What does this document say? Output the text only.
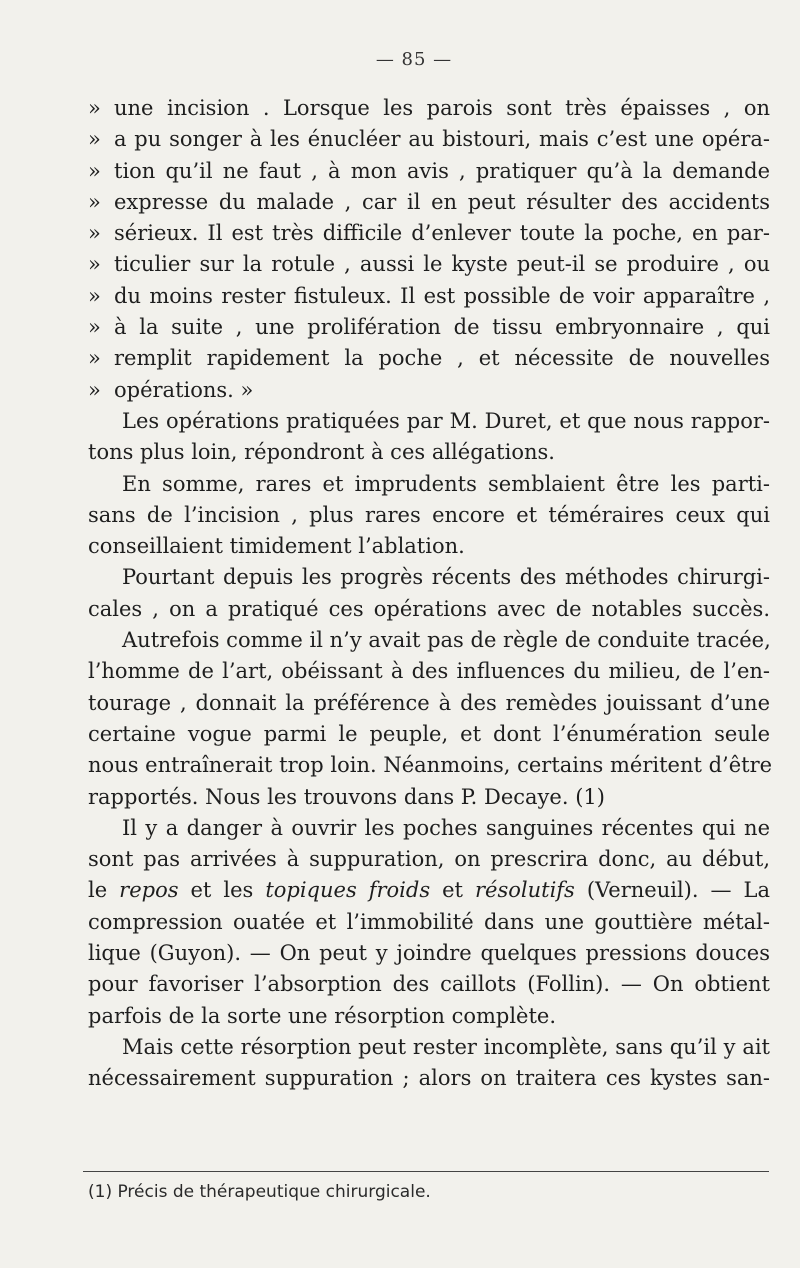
— 85 —
» une incision . Lorsque les parois sont très épaisses , on
» a pu songer à les énucléer au bistouri, mais c’est une opéra-
» tion qu’il ne faut , à mon avis , pratiquer qu’à la demande
» expresse du malade , car il en peut résulter des accidents
» sérieux. Il est très difficile d’enlever toute la poche, en par-
» ticulier sur la rotule , aussi le kyste peut-il se produire , ou
» du moins rester fistuleux. Il est possible de voir apparaître ,
» à la suite , une prolifération de tissu embryonnaire , qui
» remplit rapidement la poche , et nécessite de nouvelles
» opérations. »
Les opérations pratiquées par M. Duret, et que nous rappor-
tons plus loin, répondront à ces allégations.
En somme, rares et imprudents semblaient être les parti-
sans de l’incision , plus rares encore et téméraires ceux qui
conseillaient timidement l’ablation.
Pourtant depuis les progrès récents des méthodes chirurgi-
cales , on a pratiqué ces opérations avec de notables succès.
Autrefois comme il n’y avait pas de règle de conduite tracée,
l’homme de l’art, obéissant à des influences du milieu, de l’en-
tourage , donnait la préférence à des remèdes jouissant d’une
certaine vogue parmi le peuple, et dont l’énumération seule
nous entraînerait trop loin. Néanmoins, certains méritent d’être
rapportés. Nous les trouvons dans P. Decaye. (1)
Il y a danger à ouvrir les poches sanguines récentes qui ne
sont pas arrivées à suppuration, on prescrira donc, au début,
le repos et les topiques froids et résolutifs (Verneuil). — La
compression ouatée et l’immobilité dans une gouttière métal-
lique (Guyon). — On peut y joindre quelques pressions douces
pour favoriser l’absorption des caillots (Follin). — On obtient
parfois de la sorte une résorption complète.
Mais cette résorption peut rester incomplète, sans qu’il y ait
nécessairement suppuration ; alors on traitera ces kystes san-
(1) Précis de thérapeutique chirurgicale.
